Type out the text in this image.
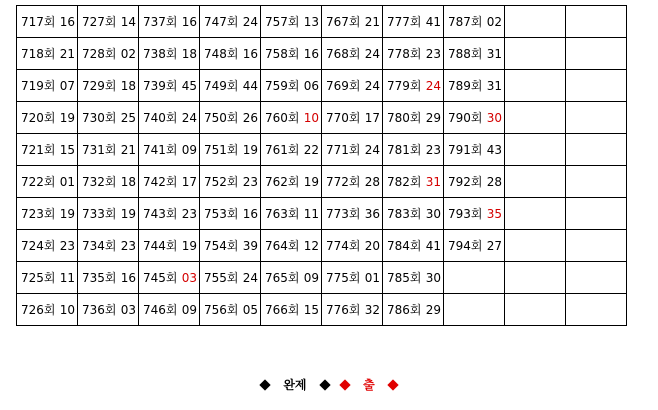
717회 16	727회 14	737회 16	747회 24	757회 13	767회 21	777회 41	787회 02		

718회 21	728회 02	738회 18	748회 16	758회 16	768회 24	778회 23	788회 31		

719회 07	729회 18	739회 45	749회 44	759회 06	769회 24	779회 24	789회 31		

720회 19	730회 25	740회 24	750회 26	760회 10	770회 17	780회 29	790회 30		

721회 15	731회 21	741회 09	751회 19	761회 22	771회 24	781회 23	791회 43		

722회 01	732회 18	742회 17	752회 23	762회 19	772회 28	782회 31	792회 28		

723회 19	733회 19	743회 23	753회 16	763회 11	773회 36	783회 30	793회 35		

724회 23	734회 23	744회 19	754회 39	764회 12	774회 20	784회 41	794회 27		

725회 11	735회 16	745회 03	755회 24	765회 09	775회 01	785회 30			

726회 10	736회 03	746회 09	756회 05	766회 15	776회 32	786회 29			

완제	출
